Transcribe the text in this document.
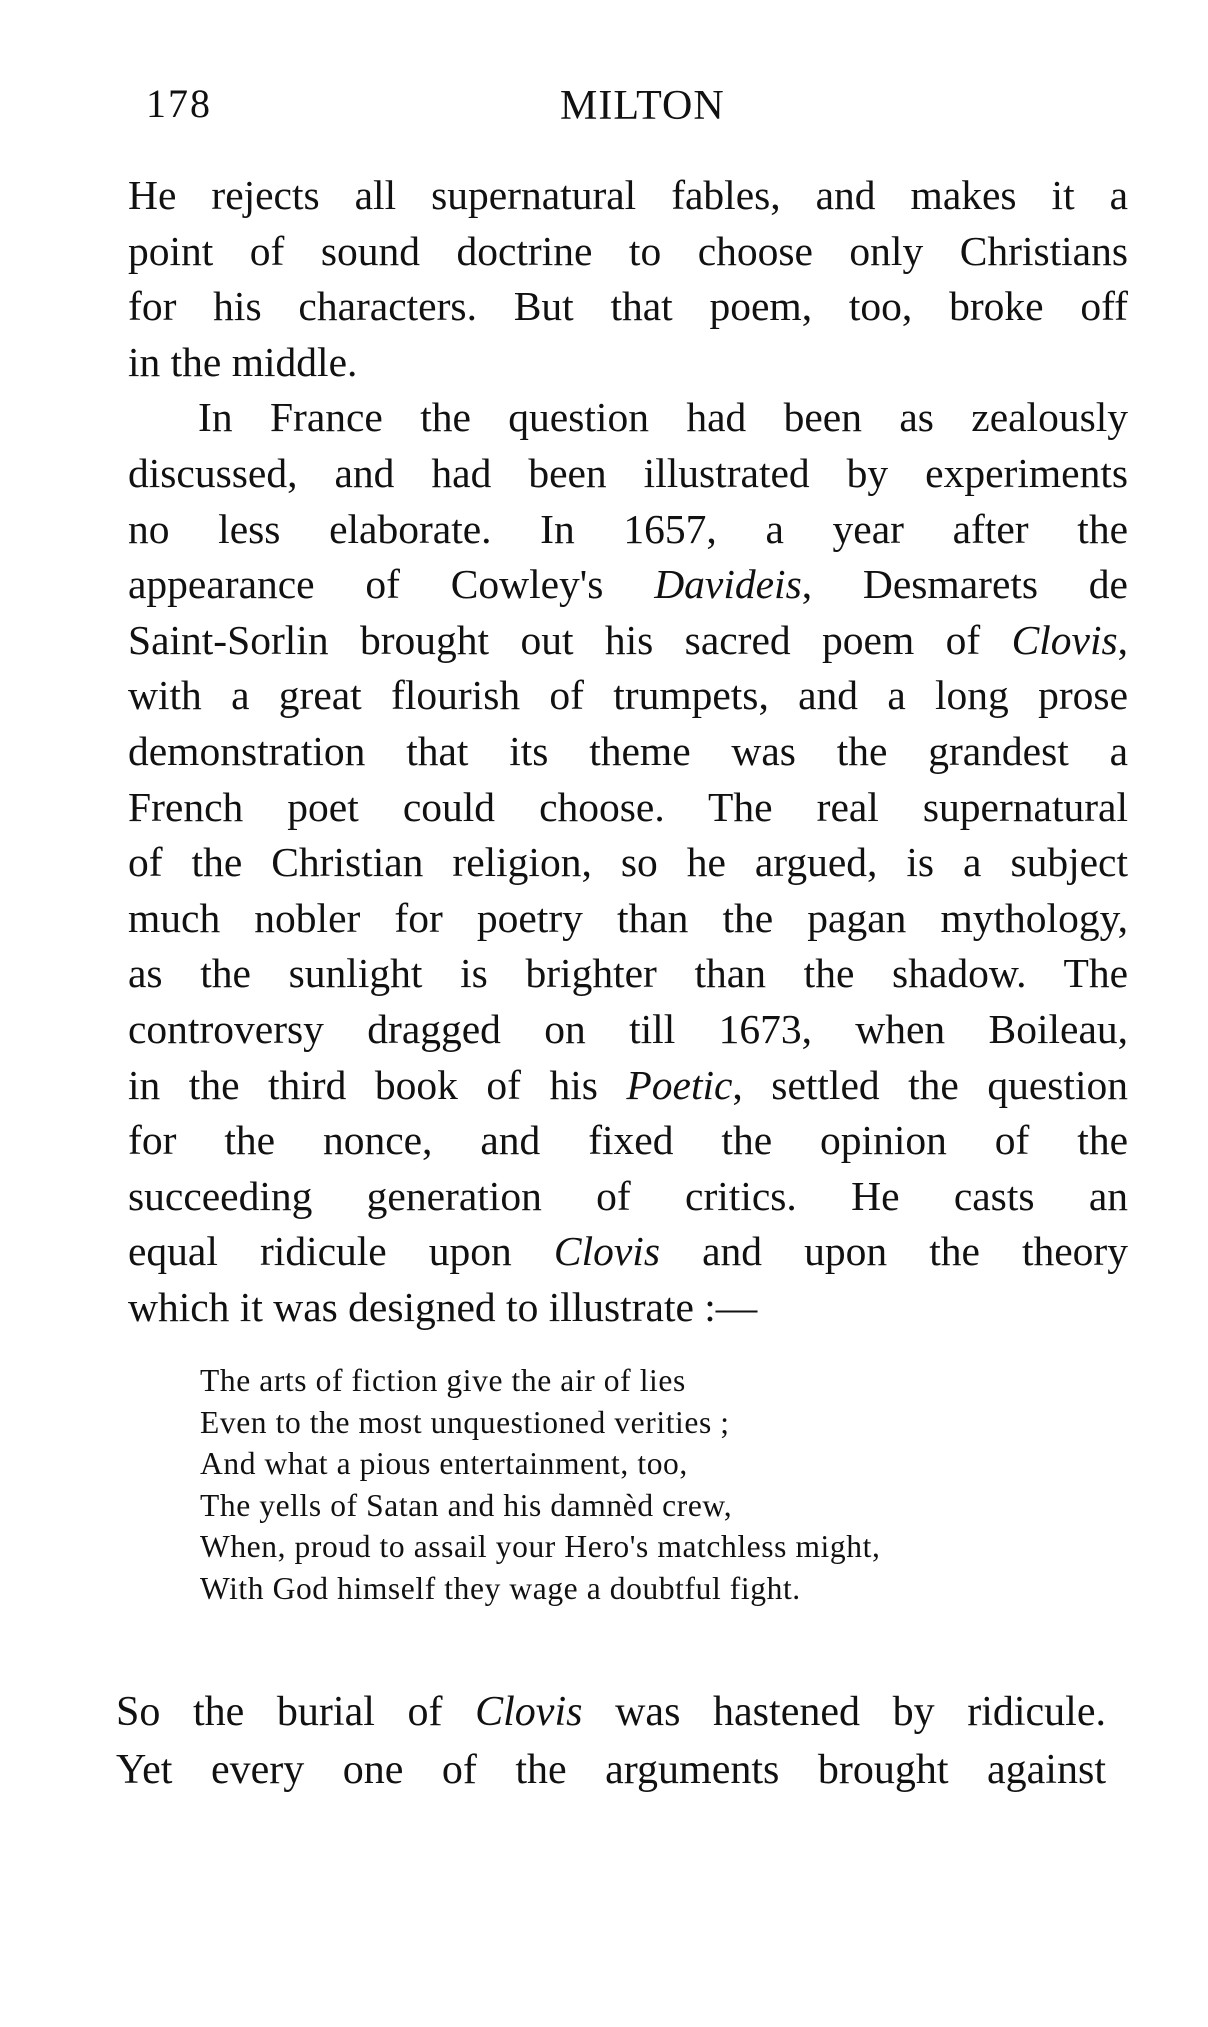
178	MILTON

He rejects all supernatural fables, and makes it a
point of sound doctrine to choose only Christians
for his characters. But that poem, too, broke off
in the middle.

In France the question had been as zealously
discussed, and had been illustrated by experiments
no less elaborate. In 1657, a year after the
appearance of Cowley's Davideis, Desmarets de
Saint-Sorlin brought out his sacred poem of Clovis,
with a great flourish of trumpets, and a long prose
demonstration that its theme was the grandest a
French poet could choose. The real supernatural
of the Christian religion, so he argued, is a subject
much nobler for poetry than the pagan mythology,
as the sunlight is brighter than the shadow. The
controversy dragged on till 1673, when Boileau,
in the third book of his Poetic, settled the question
for the nonce, and fixed the opinion of the
succeeding generation of critics. He casts an
equal ridicule upon Clovis and upon the theory
which it was designed to illustrate :—

The arts of fiction give the air of lies
Even to the most unquestioned verities ;
And what a pious entertainment, too,
The yells of Satan and his damnèd crew,
When, proud to assail your Hero's matchless might,
With God himself they wage a doubtful fight.
So the burial of Clovis was hastened by ridicule.
Yet every one of the arguments brought against
